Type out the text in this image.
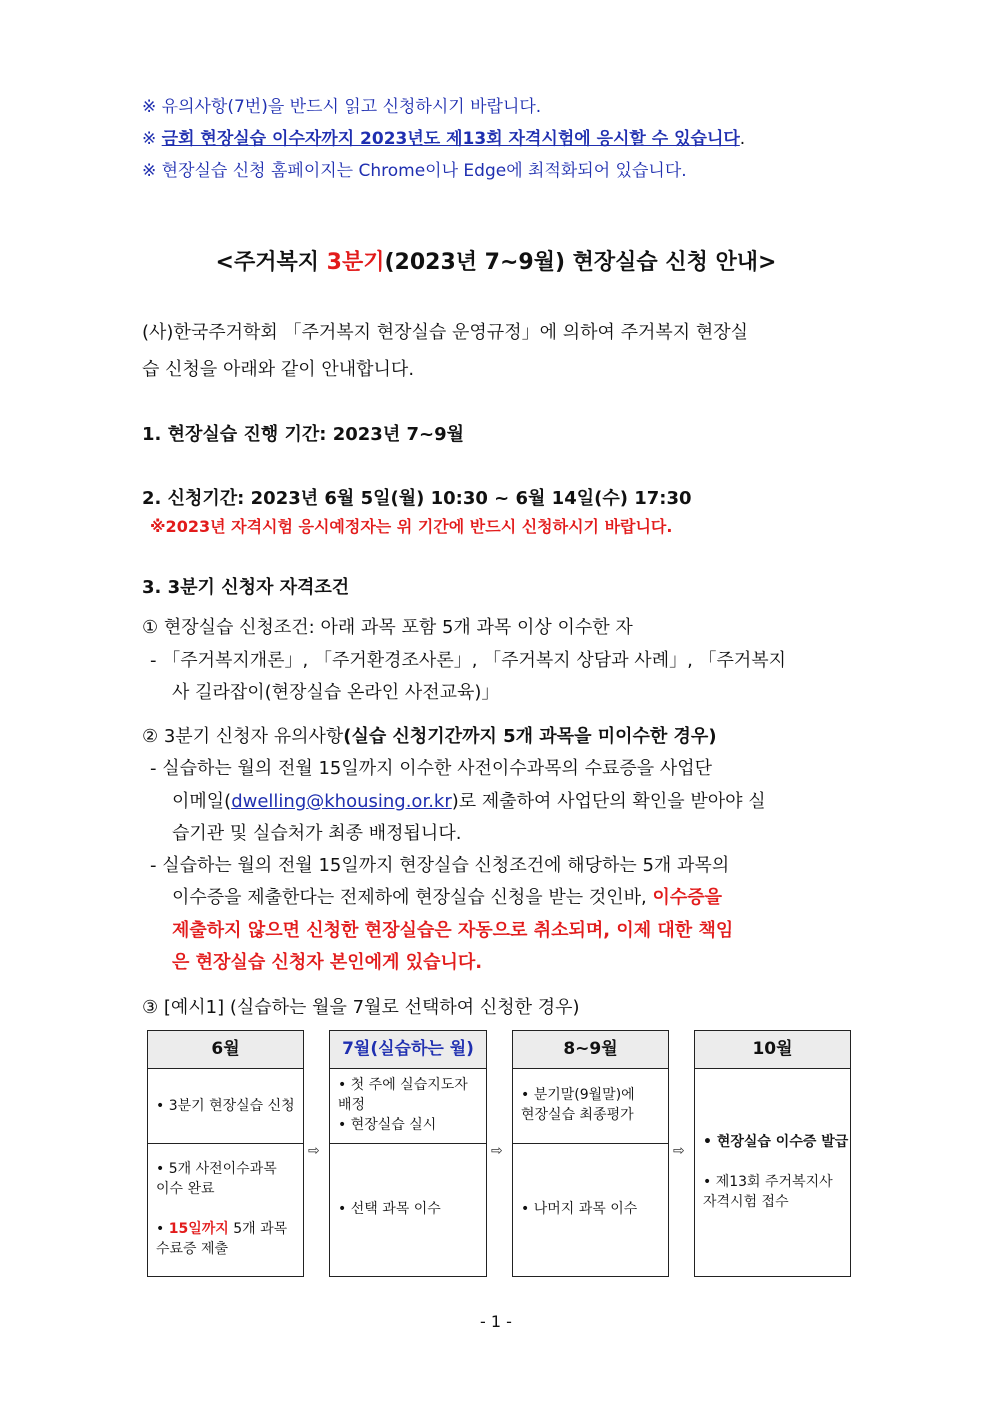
※ 유의사항(7번)을 반드시 읽고 신청하시기 바랍니다.
※ 금회 현장실습 이수자까지 2023년도 제13회 자격시험에 응시할 수 있습니다.
※ 현장실습 신청 홈페이지는 Chrome이나 Edge에 최적화되어 있습니다.
<주거복지 3분기(2023년 7~9월) 현장실습 신청 안내>
(사)한국주거학회 「주거복지 현장실습 운영규정」에 의하여 주거복지 현장실
습 신청을 아래와 같이 안내합니다.
1. 현장실습 진행 기간: 2023년 7~9월
2. 신청기간: 2023년 6월 5일(월) 10:30 ~ 6월 14일(수) 17:30
※2023년 자격시험 응시예정자는 위 기간에 반드시 신청하시기 바랍니다.
3. 3분기 신청자 자격조건
① 현장실습 신청조건: 아래 과목 포함 5개 과목 이상 이수한 자
- 「주거복지개론」, 「주거환경조사론」, 「주거복지 상담과 사례」, 「주거복지
사 길라잡이(현장실습 온라인 사전교육)」
② 3분기 신청자 유의사항(실습 신청기간까지 5개 과목을 미이수한 경우)
- 실습하는 월의 전월 15일까지 이수한 사전이수과목의 수료증을 사업단
이메일(dwelling@khousing.or.kr)로 제출하여 사업단의 확인을 받아야 실
습기관 및 실습처가 최종 배정됩니다.
- 실습하는 월의 전월 15일까지 현장실습 신청조건에 해당하는 5개 과목의
이수증을 제출한다는 전제하에 현장실습 신청을 받는 것인바, 이수증을
제출하지 않으면 신청한 현장실습은 자동으로 취소되며, 이제 대한 책임
은 현장실습 신청자 본인에게 있습니다.
③ [예시1] (실습하는 월을 7월로 선택하여 신청한 경우)
6월
• 3분기 현장실습 신청
• 5개 사전이수과목
이수 완료
• 15일까지 5개 과목
수료증 제출
⇨
7월(실습하는 월)
• 첫 주에 실습지도자
배정
• 현장실습 실시
• 선택 과목 이수
⇨
8~9월
• 분기말(9월말)에
현장실습 최종평가
• 나머지 과목 이수
⇨
10월
• 현장실습 이수증 발급
• 제13회 주거복지사
자격시험 접수
- 1 -
